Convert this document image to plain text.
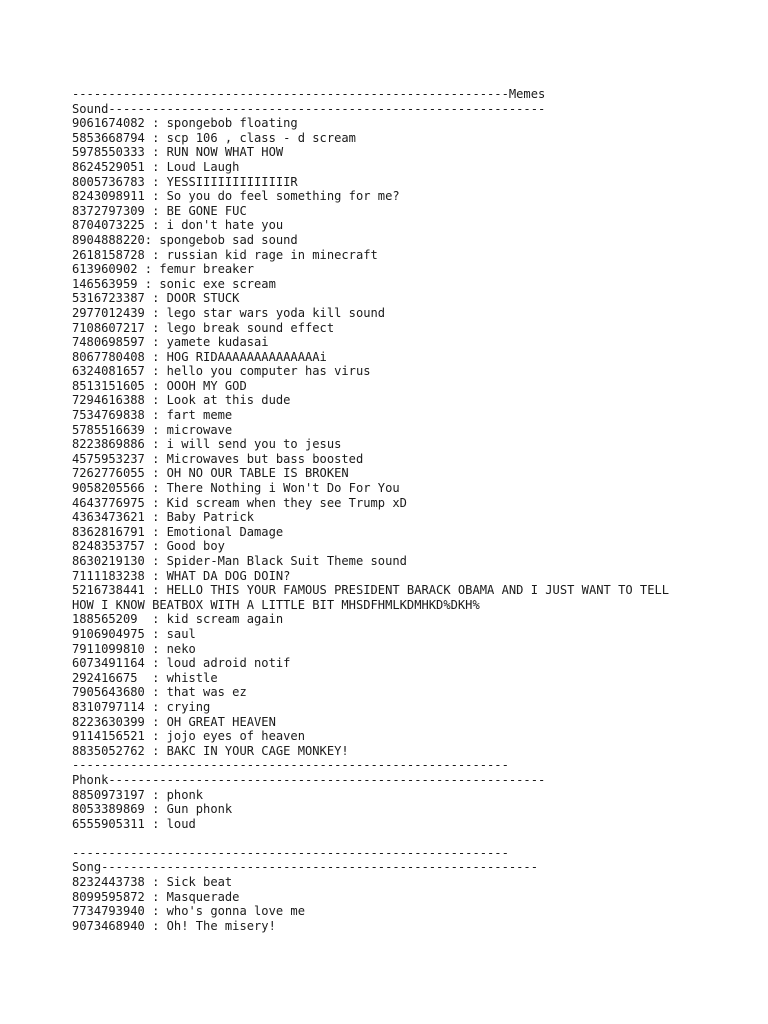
------------------------------------------------------------Memes
Sound------------------------------------------------------------
9061674082 : spongebob floating
5853668794 : scp 106 , class - d scream
5978550333 : RUN NOW WHAT HOW
8624529051 : Loud Laugh
8005736783 : YESSIIIIIIIIIIIIIR
8243098911 : So you do feel something for me?
8372797309 : BE GONE FUC
8704073225 : i don't hate you
8904888220: spongebob sad sound
2618158728 : russian kid rage in minecraft
613960902 : femur breaker
146563959 : sonic exe scream
5316723387 : DOOR STUCK
2977012439 : lego star wars yoda kill sound
7108607217 : lego break sound effect
7480698597 : yamete kudasai
8067780408 : HOG RIDAAAAAAAAAAAAAAi
6324081657 : hello you computer has virus
8513151605 : OOOH MY GOD
7294616388 : Look at this dude
7534769838 : fart meme
5785516639 : microwave
8223869886 : i will send you to jesus
4575953237 : Microwaves but bass boosted
7262776055 : OH NO OUR TABLE IS BROKEN
9058205566 : There Nothing i Won't Do For You
4643776975 : Kid scream when they see Trump xD
4363473621 : Baby Patrick
8362816791 : Emotional Damage
8248353757 : Good boy
8630219130 : Spider-Man Black Suit Theme sound
7111183238 : WHAT DA DOG DOIN?
5216738441 : HELLO THIS YOUR FAMOUS PRESIDENT BARACK OBAMA AND I JUST WANT TO TELL
HOW I KNOW BEATBOX WITH A LITTLE BIT MHSDFHMLKDMHKD%DKH%
188565209  : kid scream again
9106904975 : saul
7911099810 : neko
6073491164 : loud adroid notif
292416675  : whistle
7905643680 : that was ez
8310797114 : crying
8223630399 : OH GREAT HEAVEN
9114156521 : jojo eyes of heaven
8835052762 : BAKC IN YOUR CAGE MONKEY!
------------------------------------------------------------
Phonk------------------------------------------------------------
8850973197 : phonk
8053389869 : Gun phonk
6555905311 : loud
------------------------------------------------------------
Song------------------------------------------------------------
8232443738 : Sick beat
8099595872 : Masquerade
7734793940 : who's gonna love me
9073468940 : Oh! The misery!
